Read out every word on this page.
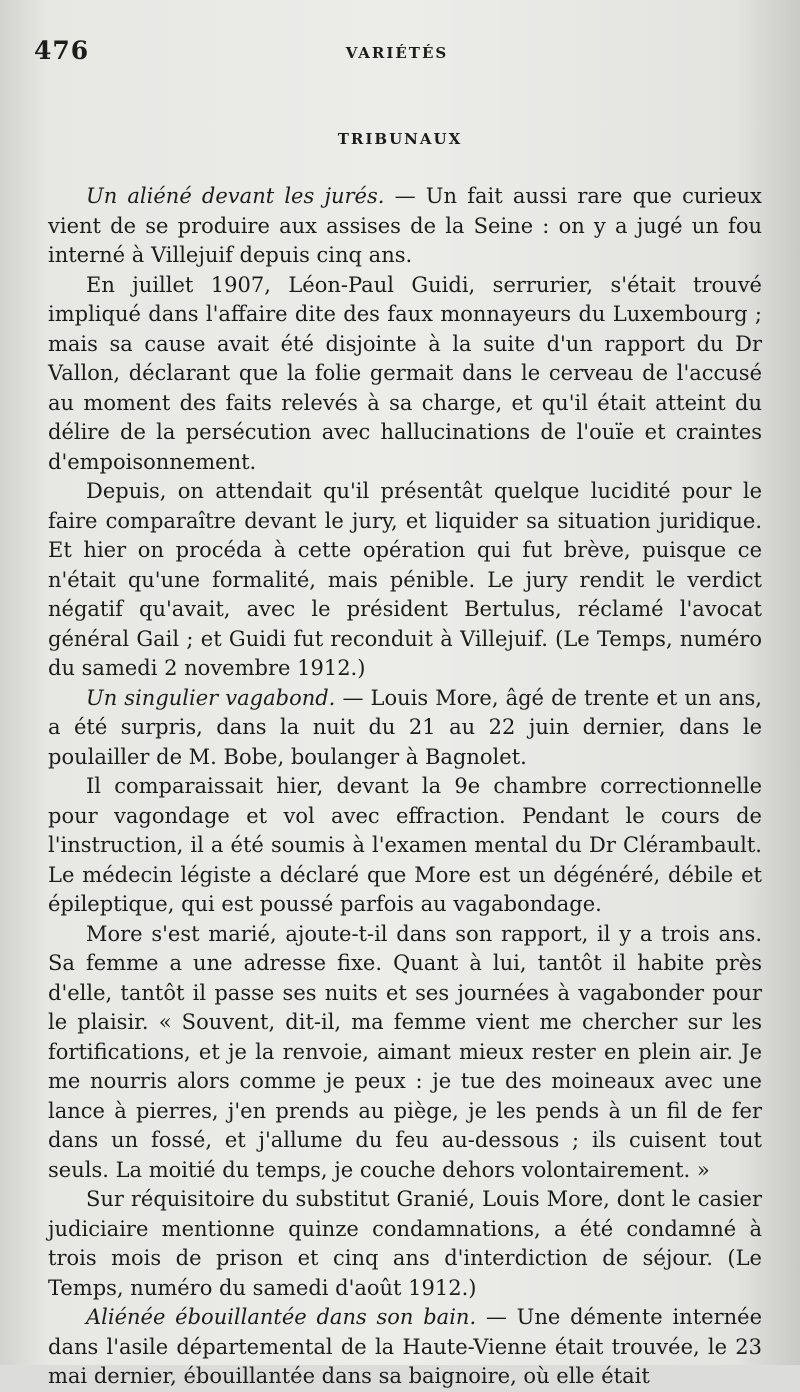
476	VARIÉTÉS
TRIBUNAUX

Un aliéné devant les jurés. — Un fait aussi rare que curieux vient de se produire aux assises de la Seine : on y a jugé un fou interné à Villejuif depuis cinq ans.

En juillet 1907, Léon-Paul Guidi, serrurier, s'était trouvé impliqué dans l'affaire dite des faux monnayeurs du Luxembourg ; mais sa cause avait été disjointe à la suite d'un rapport du Dr Vallon, déclarant que la folie germait dans le cerveau de l'accusé au moment des faits relevés à sa charge, et qu'il était atteint du délire de la persécution avec hallucinations de l'ouïe et craintes d'empoisonnement.

Depuis, on attendait qu'il présentât quelque lucidité pour le faire comparaître devant le jury, et liquider sa situation juridique. Et hier on procéda à cette opération qui fut brève, puisque ce n'était qu'une formalité, mais pénible. Le jury rendit le verdict négatif qu'avait, avec le président Bertulus, réclamé l'avocat général Gail ; et Guidi fut reconduit à Villejuif. (Le Temps, numéro du samedi 2 novembre 1912.)

Un singulier vagabond. — Louis More, âgé de trente et un ans, a été surpris, dans la nuit du 21 au 22 juin dernier, dans le poulailler de M. Bobe, boulanger à Bagnolet.

Il comparaissait hier, devant la 9e chambre correctionnelle pour vagondage et vol avec effraction. Pendant le cours de l'instruction, il a été soumis à l'examen mental du Dr Clérambault. Le médecin légiste a déclaré que More est un dégénéré, débile et épileptique, qui est poussé parfois au vagabondage.

More s'est marié, ajoute-t-il dans son rapport, il y a trois ans. Sa femme a une adresse fixe. Quant à lui, tantôt il habite près d'elle, tantôt il passe ses nuits et ses journées à vagabonder pour le plaisir. « Souvent, dit-il, ma femme vient me chercher sur les fortifications, et je la renvoie, aimant mieux rester en plein air. Je me nourris alors comme je peux : je tue des moineaux avec une lance à pierres, j'en prends au piège, je les pends à un fil de fer dans un fossé, et j'allume du feu au-dessous ; ils cuisent tout seuls. La moitié du temps, je couche dehors volontairement. »

Sur réquisitoire du substitut Granié, Louis More, dont le casier judiciaire mentionne quinze condamnations, a été condamné à trois mois de prison et cinq ans d'interdiction de séjour. (Le Temps, numéro du samedi d'août 1912.)

Aliénée ébouillantée dans son bain. — Une démente internée dans l'asile départemental de la Haute-Vienne était trouvée, le 23 mai dernier, ébouillantée dans sa baignoire, où elle était
